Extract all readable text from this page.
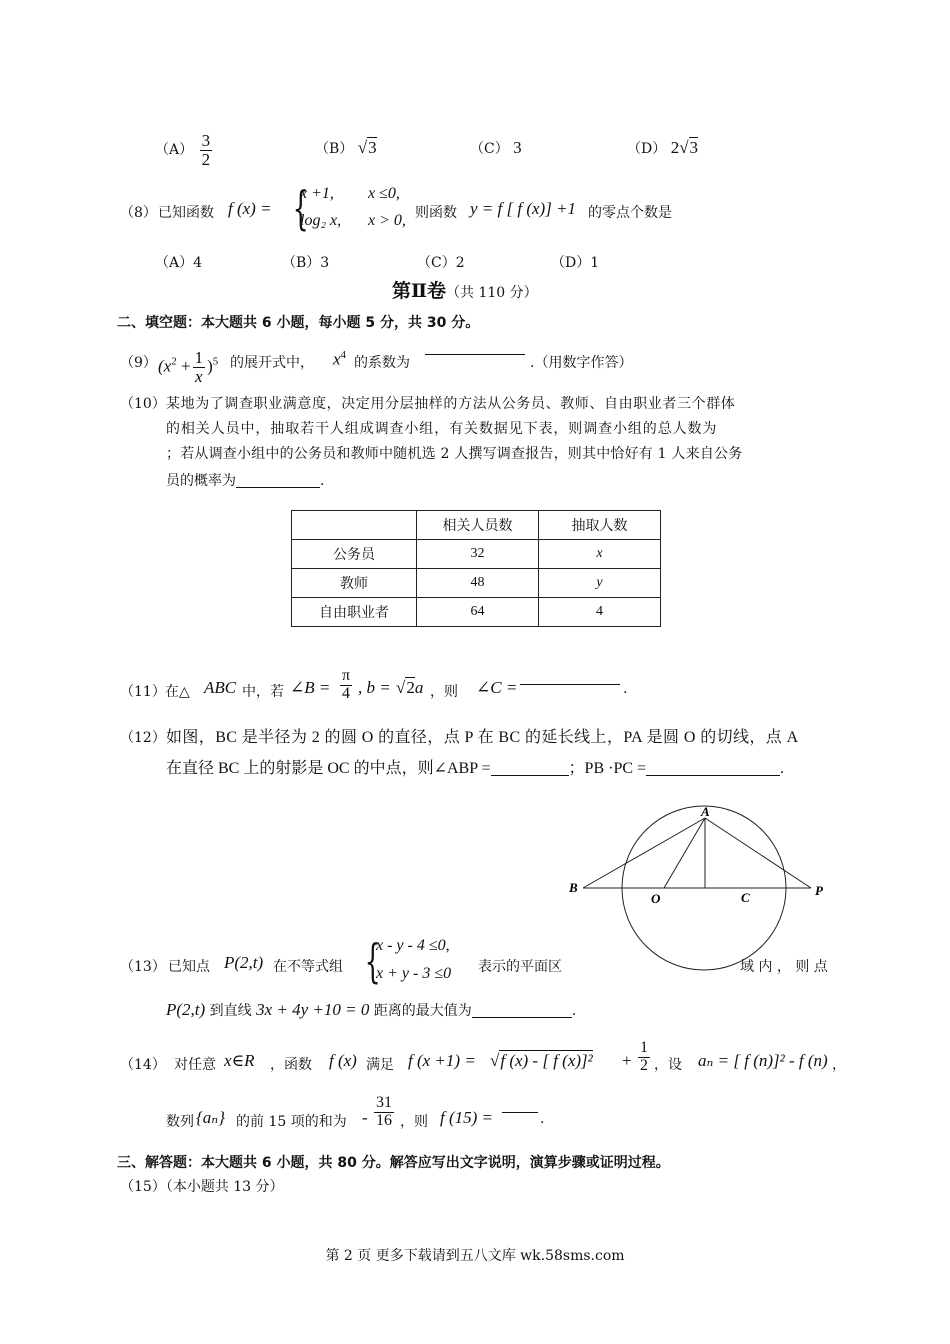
$(A) \frac{3}{2}$	（B） √3	（C） 3	（D） 2√3
（8） 已知函数 f (x) = {
x +1, x ≤0,
log₂ x, x > 0, 则函数 y = f [ f (x)] +1 的零点个数是
（A）4	（B）3	（C）2	（D）1
第Ⅱ卷（共 110 分）
二、填空题：本大题共 6 小题，每小题 5 分，共 30 分。
（9） $(x^2 + \frac{1}{x} )^5$ 的展开式中， $x^4$ 的系数为	.（用数字作答）
（10） 某地为了调查职业满意度，决定用分层抽样的方法从公务员、教师、自由职业者三个群体
的相关人员中，抽取若干人组成调查小组，有关数据见下表，则调查小组的总人数为
；若从调查小组中的公务员和教师中随机选 2 人撰写调查报告，则其中恰好有 1 人来自公务
员的概率为	.
	相关人员数	抽取人数
公务员	32	x
教师	48	y
自由职业者	64	4
（11） 在△ ABC 中，若 ∠B = $\frac{\pi}{4}$ , b = √2a ，则 ∠C =	.
（12） 如图，BC 是半径为 2 的圆 O 的直径，点 P 在 BC 的延长线上，PA 是圆 O 的切线，点 A
在直径 BC 上的射影是 OC 的中点，则∠ABP =	；PB ·PC =	.
A
B
O	C	P
（13） 已知点 P(2,t) 在不等式组 {
x - y - 4 ≤0,
x + y - 3 ≤0 表示的平面区	域 内 ， 则 点
P(2,t) 到直线 3x + 4y +10 = 0 距离的最大值为	.
（14） 对任意 x∈R ，函数 f (x) 满足 f (x +1) = √f (x) - [ f $(x)]^2 + \frac{1}{2}$ ，设 aₙ = [ f (n)]² - f (n) ，
数列 {aₙ} 的前 15 项的和为 - $\frac{31}{16}$ ，则 f (15) =	.
三、解答题：本大题共 6 小题，共 80 分。解答应写出文字说明，演算步骤或证明过程。
（15）（本小题共 13 分）
第 2 页 更多下载请到五八文库 wk.58sms.com
